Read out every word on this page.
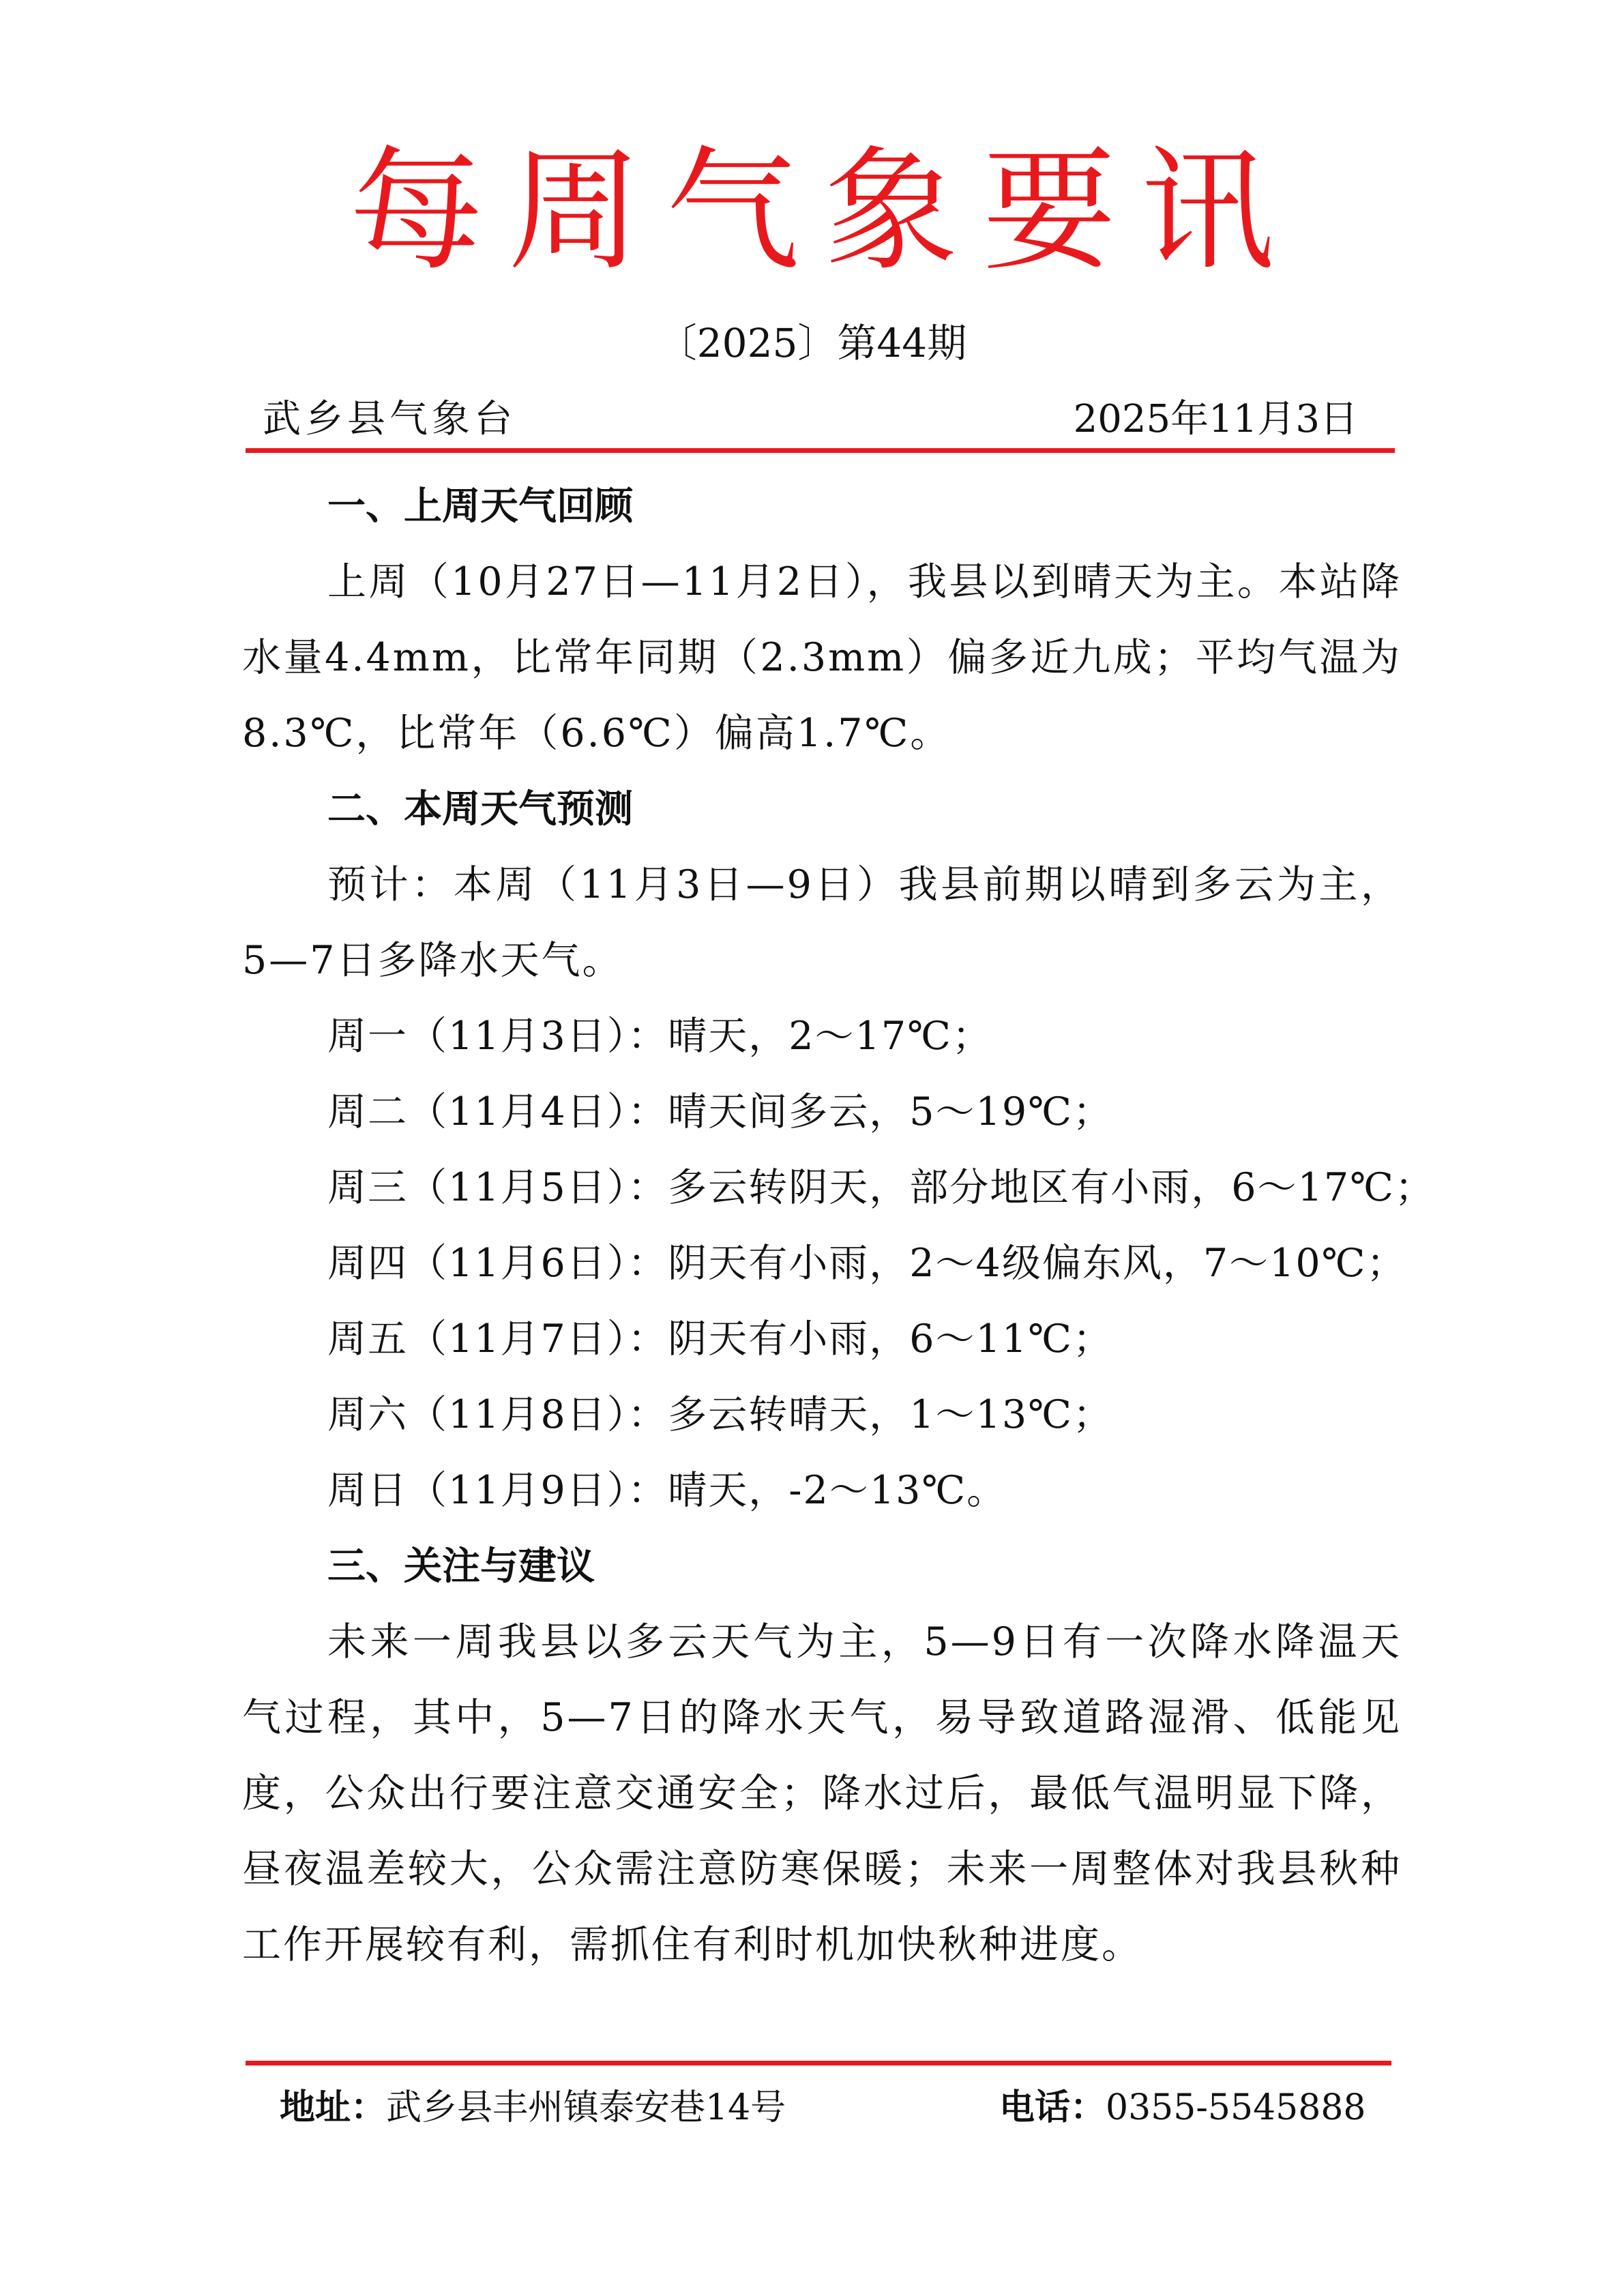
每周气象要讯
〔2025〕第44期
武乡县气象台	2025年11月3日
一、上周天气回顾
上周（10月27日—11月2日），我县以到晴天为主。本站降水量4.4mm，比常年同期（2.3mm）偏多近九成；平均气温为8.3℃，比常年（6.6℃）偏高1.7℃。
二、本周天气预测
预计：本周（11月3日—9日）我县前期以晴到多云为主，5—7日多降水天气。
周一（11月3日）：晴天，2～17℃；
周二（11月4日）：晴天间多云，5～19℃；
周三（11月5日）：多云转阴天，部分地区有小雨，6～17℃；
周四（11月6日）：阴天有小雨，2～4级偏东风，7～10℃；
周五（11月7日）：阴天有小雨，6～11℃；
周六（11月8日）：多云转晴天，1～13℃；
周日（11月9日）：晴天，-2～13℃。
三、关注与建议
未来一周我县以多云天气为主，5—9日有一次降水降温天气过程，其中，5—7日的降水天气，易导致道路湿滑、低能见度，公众出行要注意交通安全；降水过后，最低气温明显下降，昼夜温差较大，公众需注意防寒保暖；未来一周整体对我县秋种工作开展较有利，需抓住有利时机加快秋种进度。
地址：武乡县丰州镇泰安巷14号	电话：0355-5545888
